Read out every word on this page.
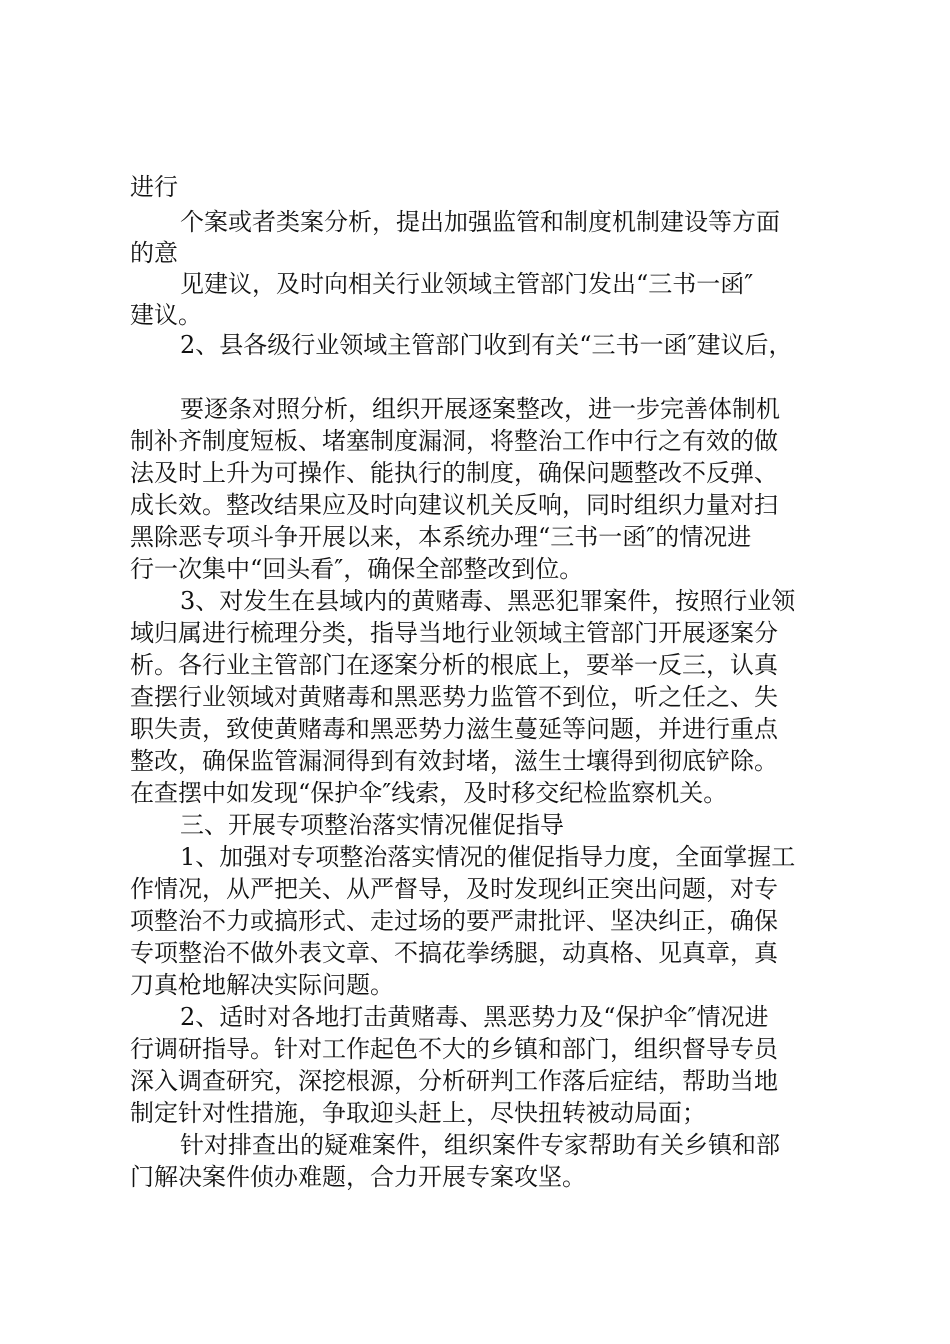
进行

个案或者类案分析，提出加强监管和制度机制建设等方面

的意

见建议，及时向相关行业领域主管部门发出“三书一函″

建议。

2、县各级行业领域主管部门收到有关“三书一函″建议后，

要逐条对照分析，组织开展逐案整改，进一步完善体制机

制补齐制度短板、堵塞制度漏洞，将整治工作中行之有效的做

法及时上升为可操作、能执行的制度，确保问题整改不反弹、

成长效。整改结果应及时向建议机关反响，同时组织力量对扫

黑除恶专项斗争开展以来，本系统办理“三书一函″的情况进

行一次集中“回头看″，确保全部整改到位。

3、对发生在县域内的黄赌毒、黑恶犯罪案件，按照行业领

域归属进行梳理分类，指导当地行业领域主管部门开展逐案分

析。各行业主管部门在逐案分析的根底上，要举一反三，认真

查摆行业领域对黄赌毒和黑恶势力监管不到位，听之任之、失

职失责，致使黄赌毒和黑恶势力滋生蔓延等问题，并进行重点

整改，确保监管漏洞得到有效封堵，滋生士壤得到彻底铲除。

在查摆中如发现“保护伞″线索，及时移交纪检监察机关。

三、开展专项整治落实情况催促指导

1、加强对专项整治落实情况的催促指导力度，全面掌握工

作情况，从严把关、从严督导，及时发现纠正突出问题，对专

项整治不力或搞形式、走过场的要严肃批评、坚决纠正，确保

专项整治不做外表文章、不搞花拳绣腿，动真格、见真章，真

刀真枪地解决实际问题。

2、适时对各地打击黄赌毒、黑恶势力及“保护伞″情况进

行调研指导。针对工作起色不大的乡镇和部门，组织督导专员

深入调查研究，深挖根源，分析研判工作落后症结，帮助当地

制定针对性措施，争取迎头赶上，尽快扭转被动局面；

针对排查出的疑难案件，组织案件专家帮助有关乡镇和部

门解决案件侦办难题，合力开展专案攻坚。
